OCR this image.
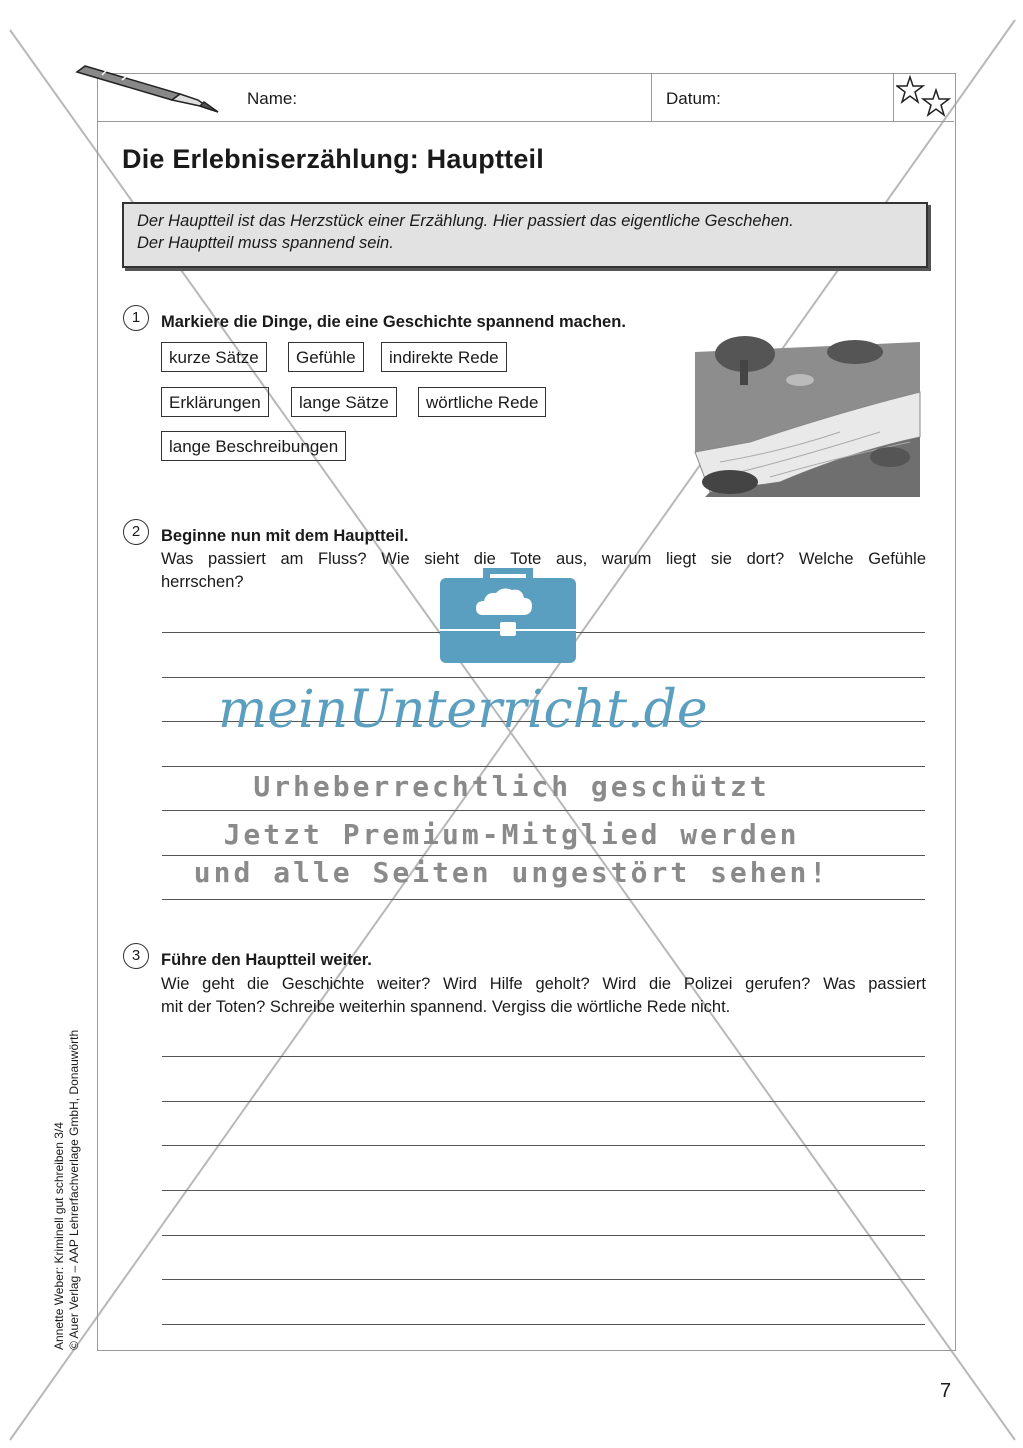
Name:	Datum:
Die Erlebniserzählung: Hauptteil
Der Hauptteil ist das Herzstück einer Erzählung. Hier passiert das eigentliche Geschehen.
Der Hauptteil muss spannend sein.
1	Markiere die Dinge, die eine Geschichte spannend machen.
kurze Sätze	Gefühle	indirekte Rede
Erklärungen	lange Sätze	wörtliche Rede
lange Beschreibungen
2	Beginne nun mit dem Hauptteil.
Was passiert am Fluss? Wie sieht die Tote aus, warum liegt sie dort? Welche Gefühle
herrschen?
3	Führe den Hauptteil weiter.
Wie geht die Geschichte weiter? Wird Hilfe geholt? Wird die Polizei gerufen? Was passiert
mit der Toten? Schreibe weiterhin spannend. Vergiss die wörtliche Rede nicht.
meinUnterricht.de
Urheberrechtlich geschützt
Jetzt Premium-Mitglied werden
und alle Seiten ungestört sehen!
Annette Weber: Kriminell gut schreiben 3/4 © Auer Verlag – AAP Lehrerfachverlage GmbH, Donauwörth
7
